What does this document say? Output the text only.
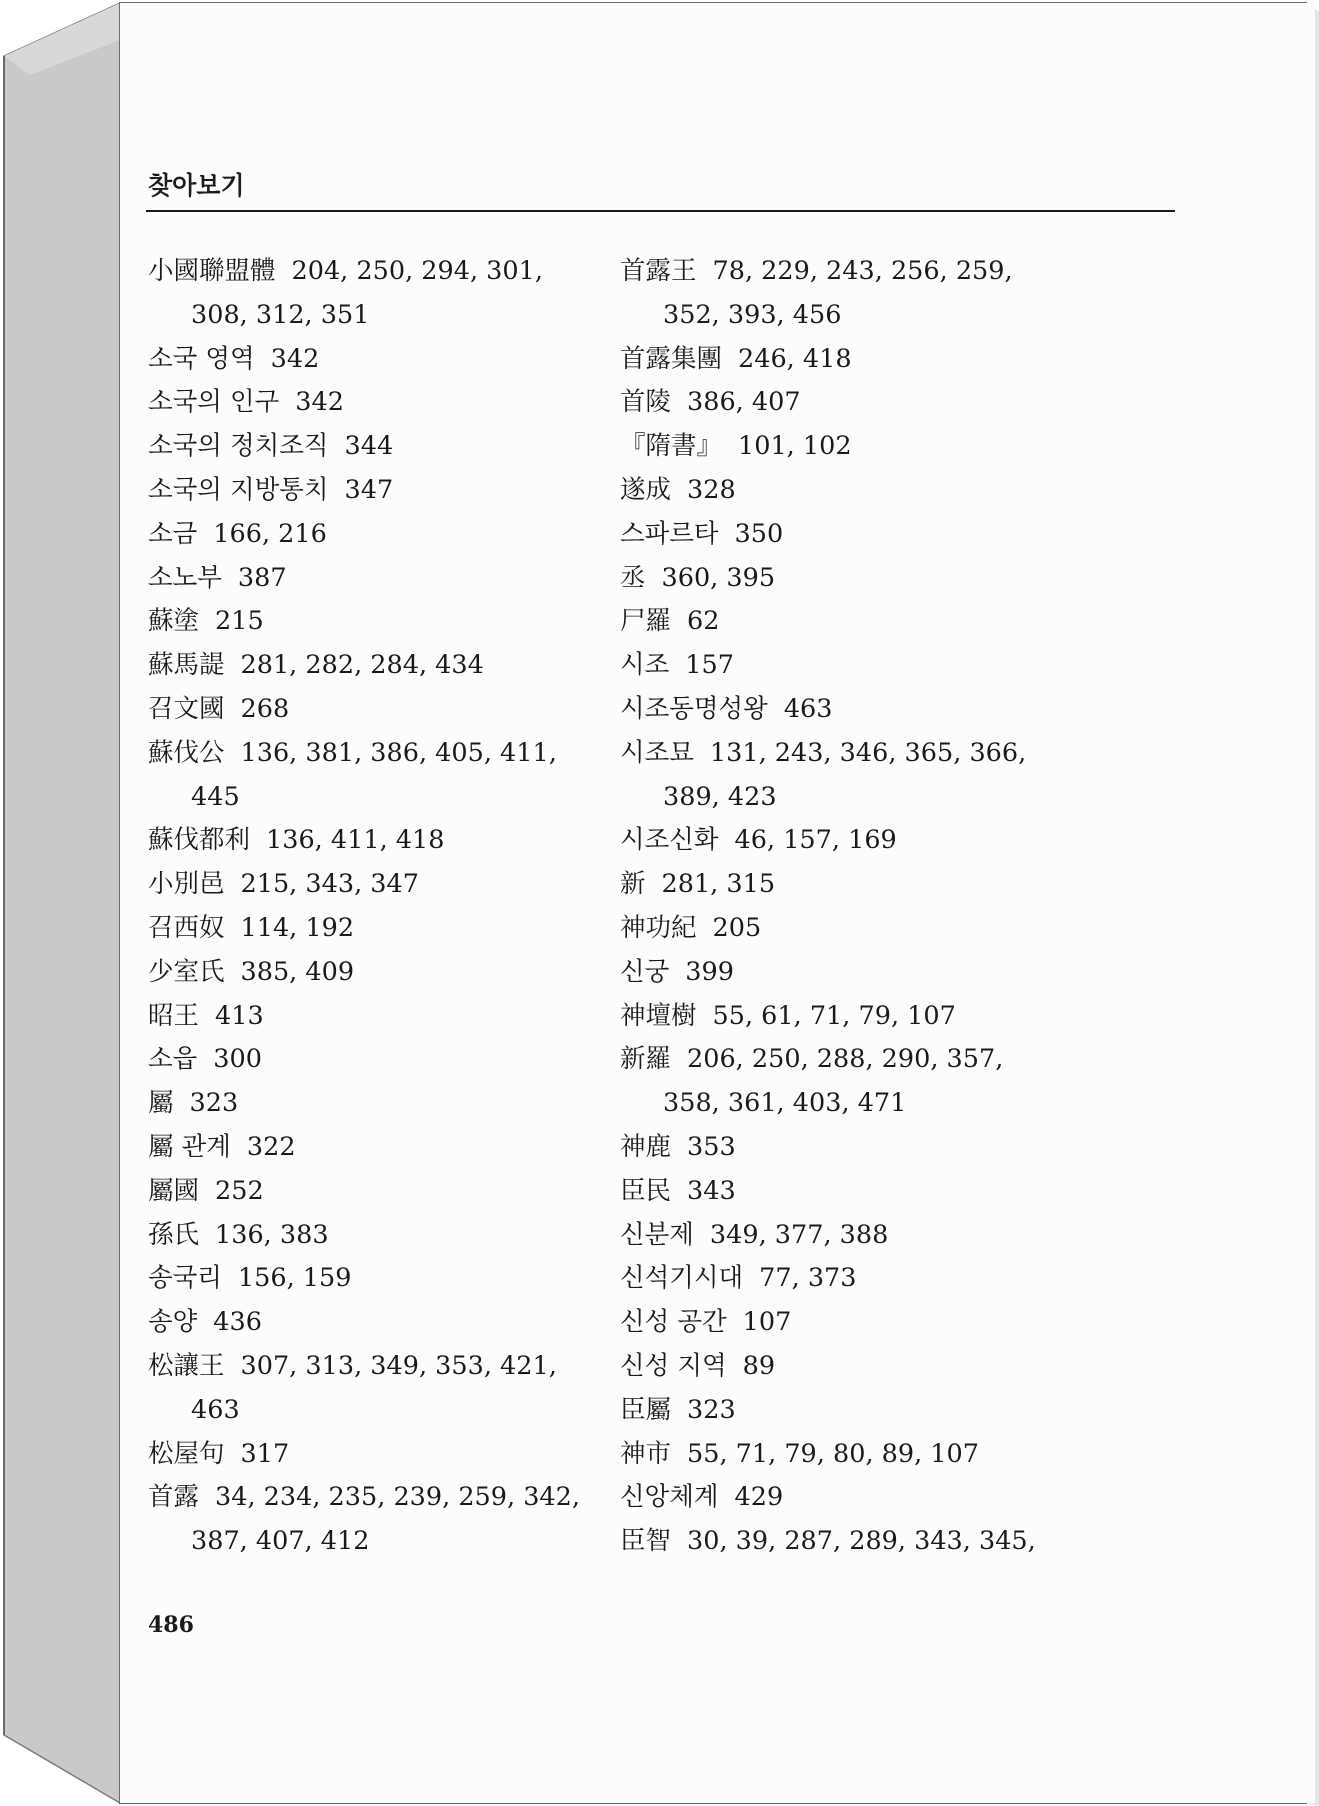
찾아보기
小國聯盟體 204, 250, 294, 301,
308, 312, 351
소국 영역 342
소국의 인구 342
소국의 정치조직 344
소국의 지방통치 347
소금 166, 216
소노부 387
蘇塗 215
蘇馬諟 281, 282, 284, 434
召文國 268
蘇伐公 136, 381, 386, 405, 411,
445
蘇伐都利 136, 411, 418
小別邑 215, 343, 347
召西奴 114, 192
少室氏 385, 409
昭王 413
소읍 300
屬 323
屬 관계 322
屬國 252
孫氏 136, 383
송국리 156, 159
송양 436
松讓王 307, 313, 349, 353, 421,
463
松屋句 317
首露 34, 234, 235, 239, 259, 342,
387, 407, 412
首露王 78, 229, 243, 256, 259,
352, 393, 456
首露集團 246, 418
首陵 386, 407
『隋書』 101, 102
遂成 328
스파르타 350
丞 360, 395
尸羅 62
시조 157
시조동명성왕 463
시조묘 131, 243, 346, 365, 366,
389, 423
시조신화 46, 157, 169
新 281, 315
神功紀 205
신궁 399
神壇樹 55, 61, 71, 79, 107
新羅 206, 250, 288, 290, 357,
358, 361, 403, 471
神鹿 353
臣民 343
신분제 349, 377, 388
신석기시대 77, 373
신성 공간 107
신성 지역 89
臣屬 323
神市 55, 71, 79, 80, 89, 107
신앙체계 429
臣智 30, 39, 287, 289, 343, 345,
486
